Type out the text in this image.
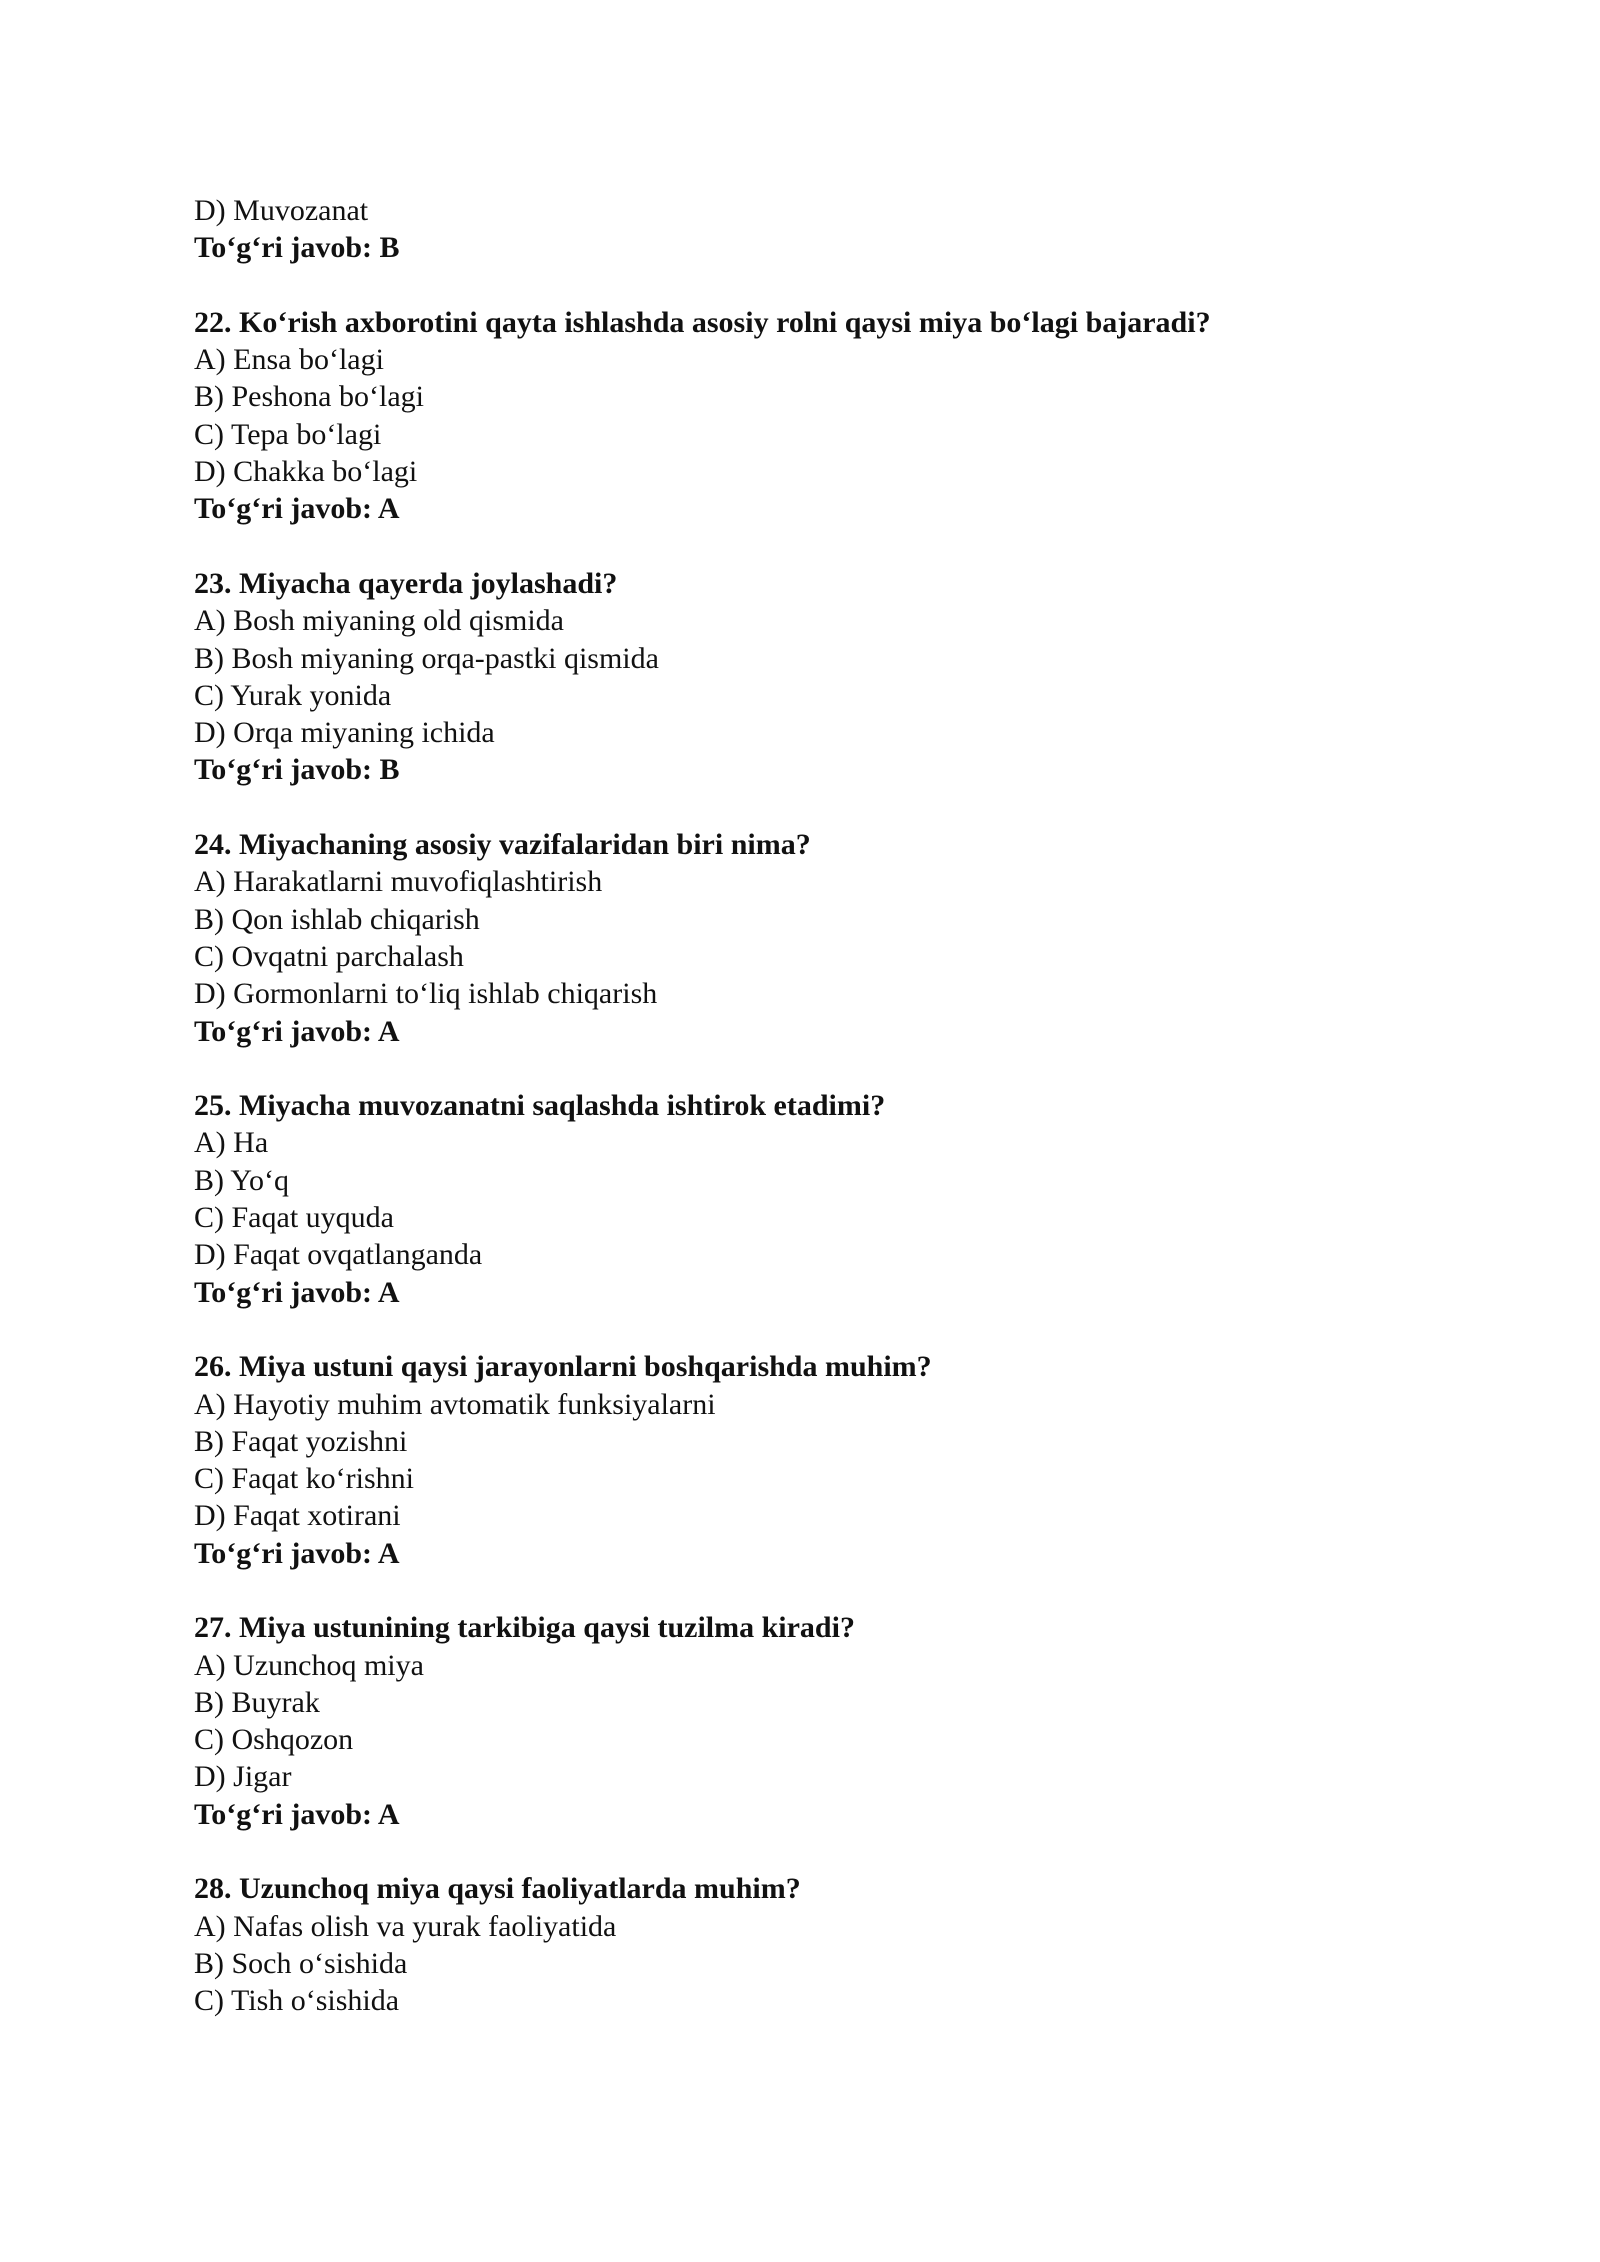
D) Muvozanat
To‘g‘ri javob: B
22. Ko‘rish axborotini qayta ishlashda asosiy rolni qaysi miya bo‘lagi bajaradi?
A) Ensa bo‘lagi
B) Peshona bo‘lagi
C) Tepa bo‘lagi
D) Chakka bo‘lagi
To‘g‘ri javob: A
23. Miyacha qayerda joylashadi?
A) Bosh miyaning old qismida
B) Bosh miyaning orqa-pastki qismida
C) Yurak yonida
D) Orqa miyaning ichida
To‘g‘ri javob: B
24. Miyachaning asosiy vazifalaridan biri nima?
A) Harakatlarni muvofiqlashtirish
B) Qon ishlab chiqarish
C) Ovqatni parchalash
D) Gormonlarni to‘liq ishlab chiqarish
To‘g‘ri javob: A
25. Miyacha muvozanatni saqlashda ishtirok etadimi?
A) Ha
B) Yo‘q
C) Faqat uyquda
D) Faqat ovqatlanganda
To‘g‘ri javob: A
26. Miya ustuni qaysi jarayonlarni boshqarishda muhim?
A) Hayotiy muhim avtomatik funksiyalarni
B) Faqat yozishni
C) Faqat ko‘rishni
D) Faqat xotirani
To‘g‘ri javob: A
27. Miya ustunining tarkibiga qaysi tuzilma kiradi?
A) Uzunchoq miya
B) Buyrak
C) Oshqozon
D) Jigar
To‘g‘ri javob: A
28. Uzunchoq miya qaysi faoliyatlarda muhim?
A) Nafas olish va yurak faoliyatida
B) Soch o‘sishida
C) Tish o‘sishida
